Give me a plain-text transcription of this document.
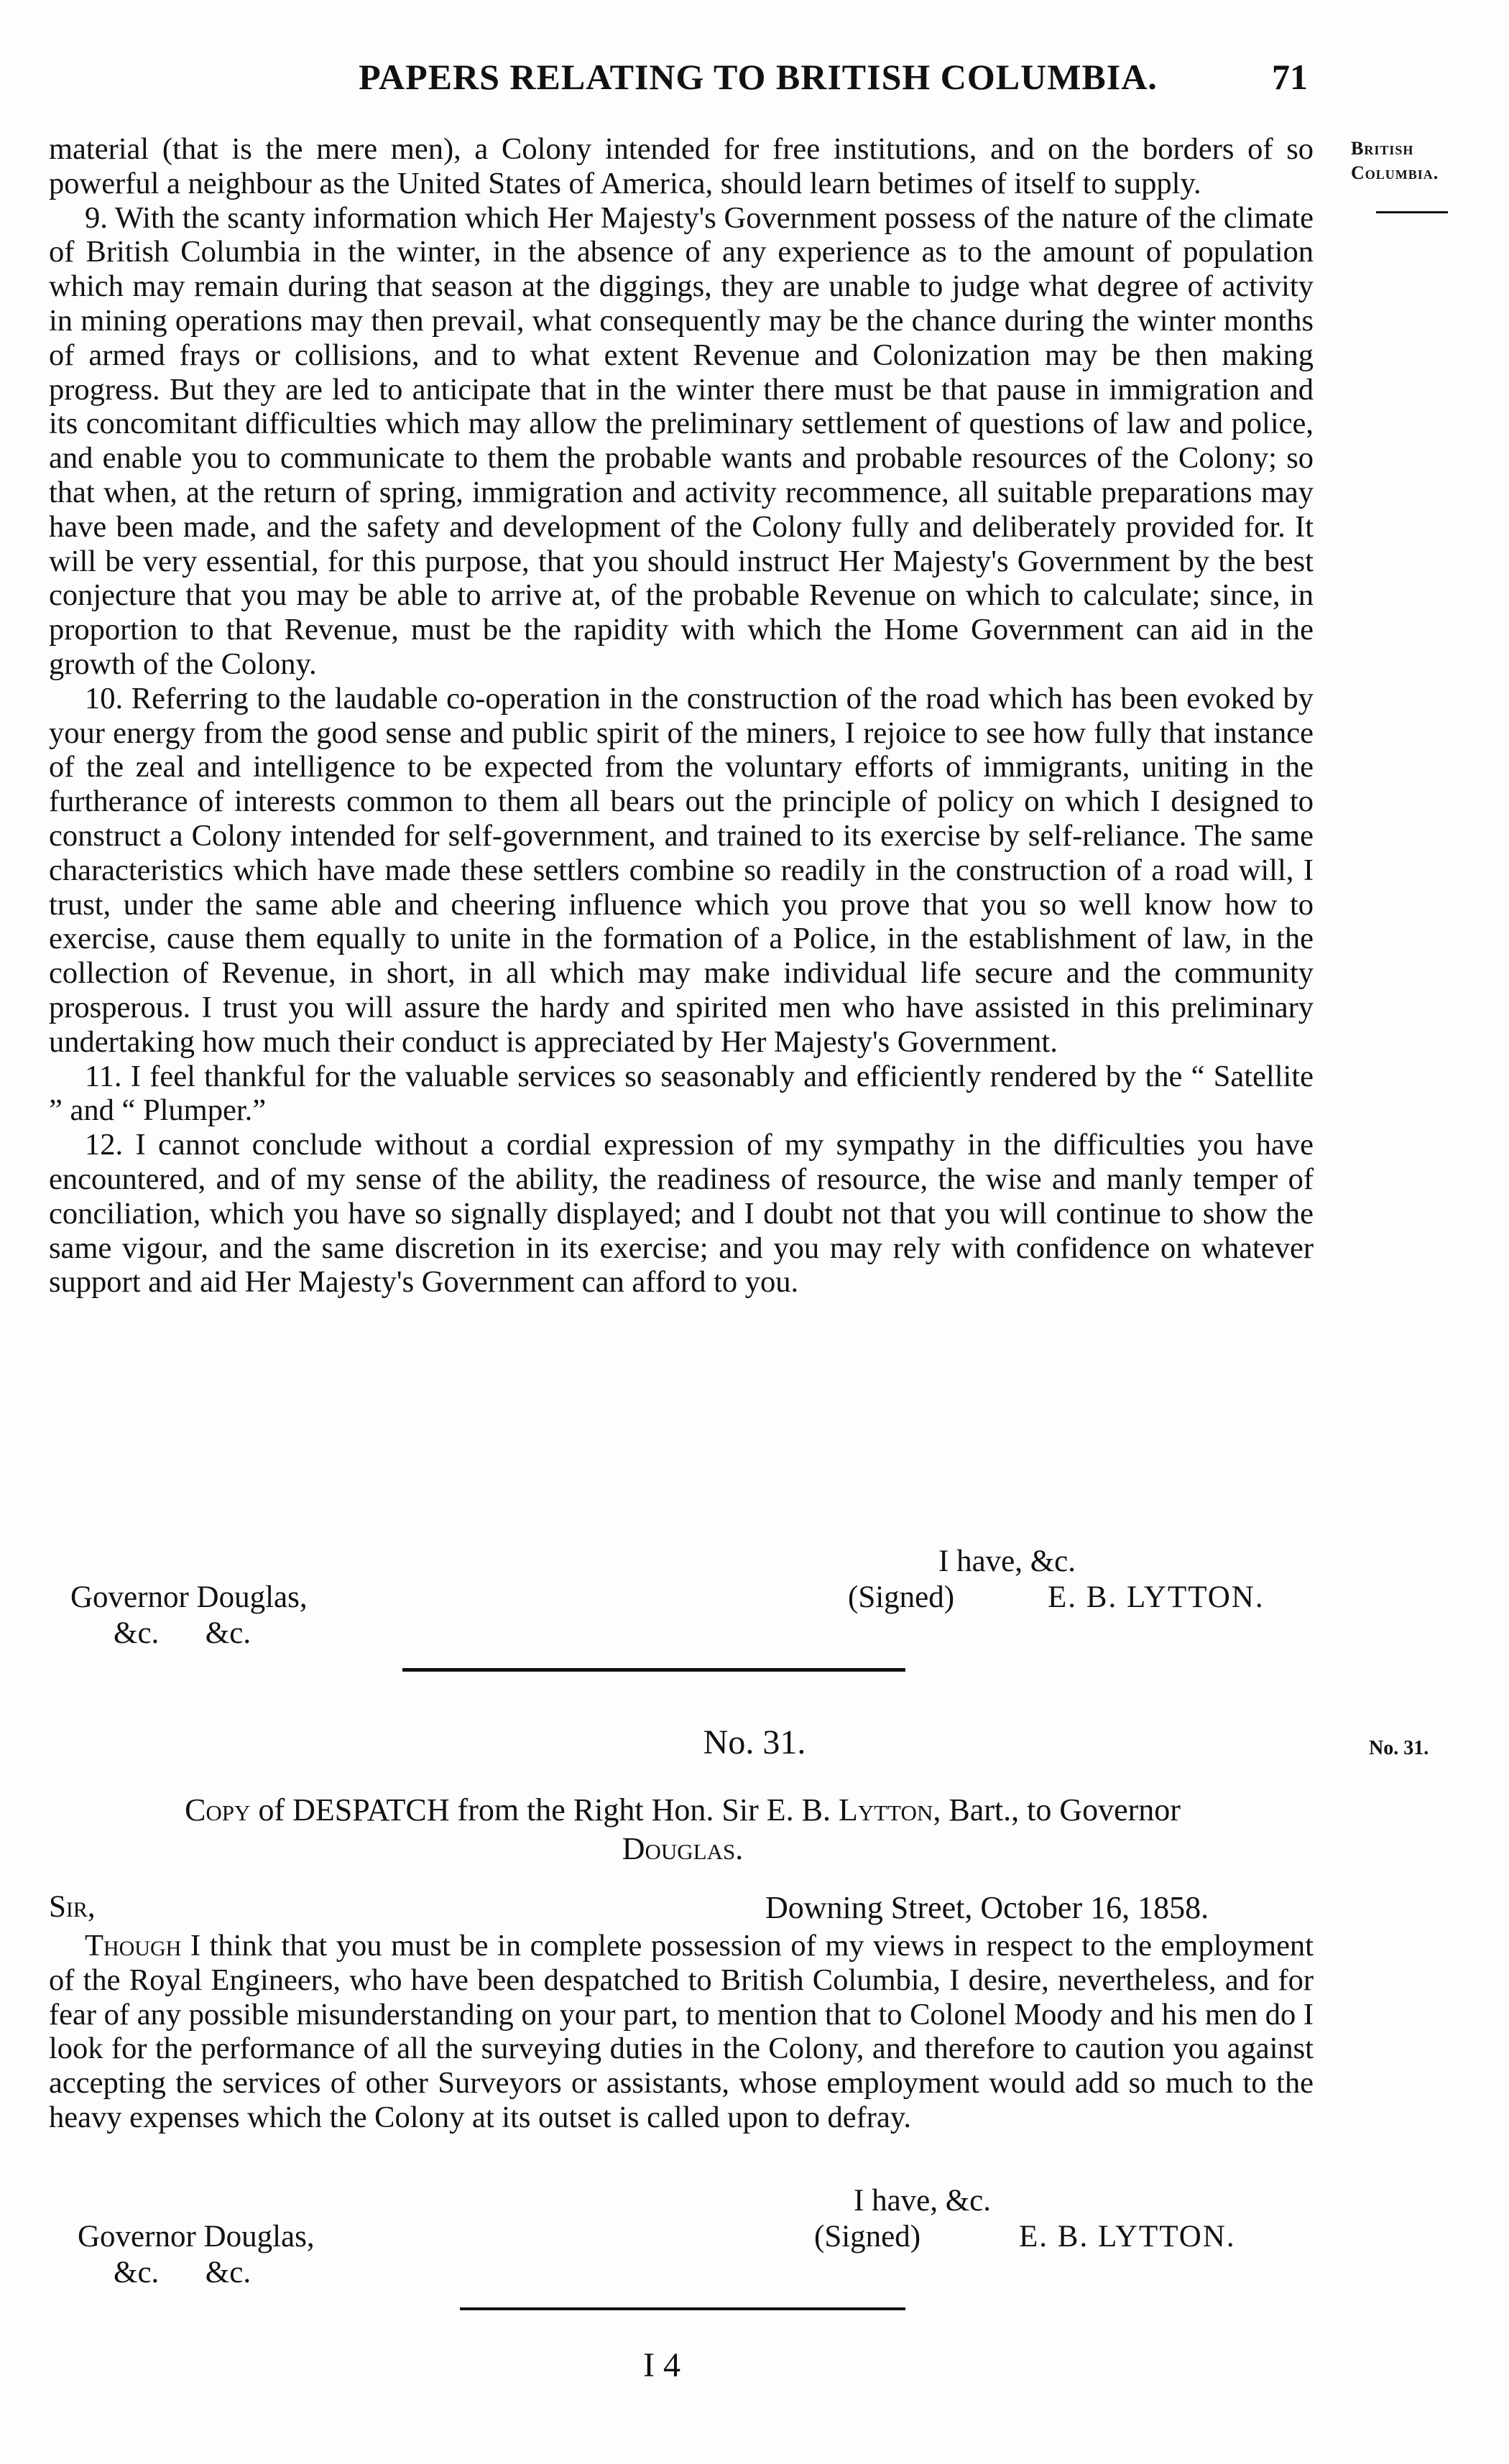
PAPERS RELATING TO BRITISH COLUMBIA.	71
British
Columbia.

material (that is the mere men), a Colony intended for free institutions, and on the borders of so powerful a neighbour as the United States of America, should learn betimes of itself to supply.

9. With the scanty information which Her Majesty's Government possess of the nature of the climate of British Columbia in the winter, in the absence of any experience as to the amount of population which may remain during that season at the diggings, they are unable to judge what degree of activity in mining operations may then prevail, what consequently may be the chance during the winter months of armed frays or collisions, and to what extent Revenue and Colonization may be then making progress. But they are led to anticipate that in the winter there must be that pause in immigration and its concomitant difficulties which may allow the preliminary settlement of questions of law and police, and enable you to communicate to them the probable wants and probable resources of the Colony; so that when, at the return of spring, immigration and activity recommence, all suitable preparations may have been made, and the safety and development of the Colony fully and deliberately provided for. It will be very essential, for this purpose, that you should instruct Her Majesty's Government by the best conjecture that you may be able to arrive at, of the probable Revenue on which to calculate; since, in proportion to that Revenue, must be the rapidity with which the Home Government can aid in the growth of the Colony.

10. Referring to the laudable co-operation in the construction of the road which has been evoked by your energy from the good sense and public spirit of the miners, I rejoice to see how fully that instance of the zeal and intelligence to be expected from the voluntary efforts of immigrants, uniting in the furtherance of interests common to them all bears out the principle of policy on which I designed to construct a Colony intended for self-government, and trained to its exercise by self-reliance. The same characteristics which have made these settlers combine so readily in the construction of a road will, I trust, under the same able and cheering influence which you prove that you so well know how to exercise, cause them equally to unite in the formation of a Police, in the establishment of law, in the collection of Revenue, in short, in all which may make individual life secure and the community prosperous. I trust you will assure the hardy and spirited men who have assisted in this preliminary undertaking how much their conduct is appreciated by Her Majesty's Government.

11. I feel thankful for the valuable services so seasonably and efficiently rendered by the “ Satellite ” and “ Plumper.”

12. I cannot conclude without a cordial expression of my sympathy in the difficulties you have encountered, and of my sense of the ability, the readiness of resource, the wise and manly temper of conciliation, which you have so signally displayed; and I doubt not that you will continue to show the same vigour, and the same discretion in its exercise; and you may rely with confidence on whatever support and aid Her Majesty's Government can afford to you.

I have, &c.
Governor Douglas,	(Signed)	E. B. LYTTON.
&c.      &c.
No. 31.	No. 31.
Copy of DESPATCH from the Right Hon. Sir E. B. Lytton, Bart., to Governor
Douglas.
Sir,	Downing Street, October 16, 1858.

Though I think that you must be in complete possession of my views in respect to the employment of the Royal Engineers, who have been despatched to British Columbia, I desire, nevertheless, and for fear of any possible misunderstanding on your part, to mention that to Colonel Moody and his men do I look for the performance of all the surveying duties in the Colony, and therefore to caution you against accepting the services of other Surveyors or assistants, whose employment would add so much to the heavy expenses which the Colony at its outset is called upon to defray.

I have, &c.
Governor Douglas,	(Signed)	E. B. LYTTON.
&c.      &c.
I 4
